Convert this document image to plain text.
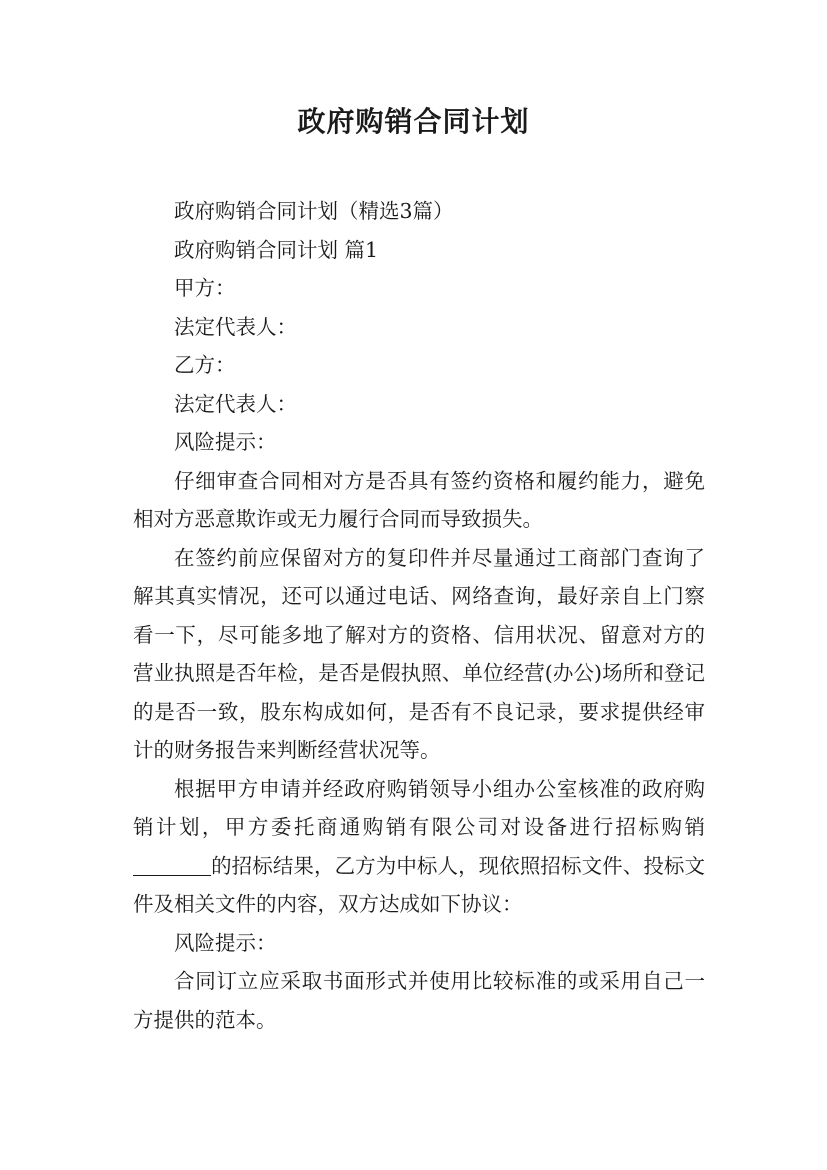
政府购销合同计划

政府购销合同计划（精选3篇）

政府购销合同计划 篇1

甲方：

法定代表人：

乙方：

法定代表人：

风险提示：

仔细审查合同相对方是否具有签约资格和履约能力，避免相对方恶意欺诈或无力履行合同而导致损失。

在签约前应保留对方的复印件并尽量通过工商部门查询了解其真实情况，还可以通过电话、网络查询，最好亲自上门察看一下，尽可能多地了解对方的资格、信用状况、留意对方的营业执照是否年检，是否是假执照、单位经营(办公)场所和登记的是否一致，股东构成如何，是否有不良记录，要求提供经审计的财务报告来判断经营状况等。

根据甲方申请并经政府购销领导小组办公室核准的政府购销计划，甲方委托商通购销有限公司对设备进行招标购销的招标结果，乙方为中标人，现依照招标文件、投标文件及相关文件的内容，双方达成如下协议：

风险提示：

合同订立应采取书面形式并使用比较标准的或采用自己一方提供的范本。
